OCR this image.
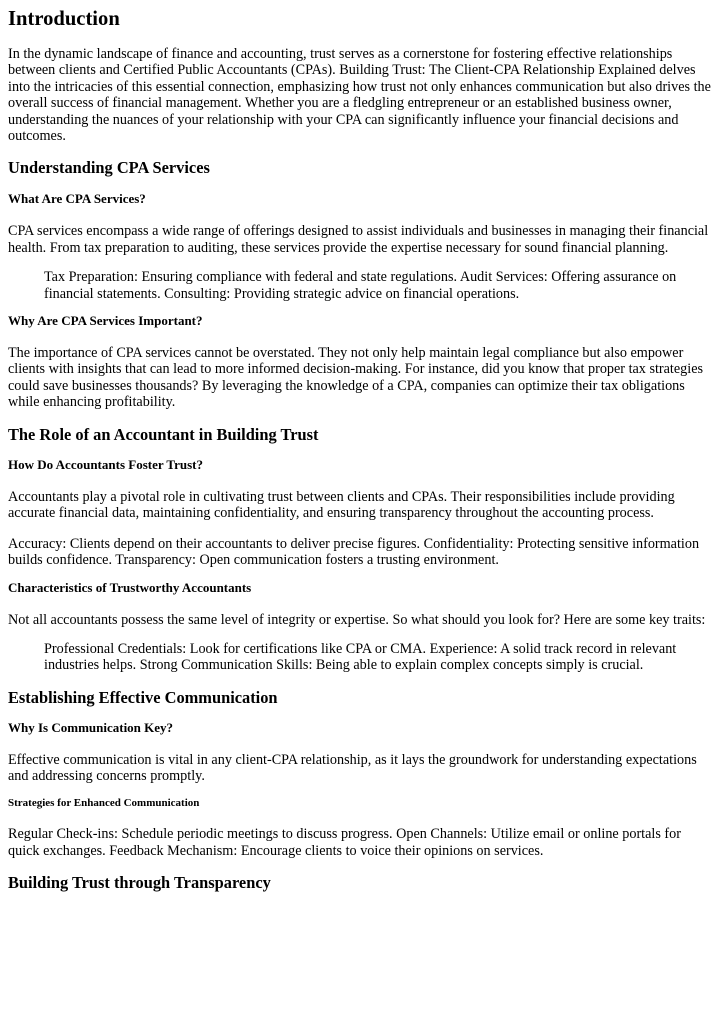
Introduction

In the dynamic landscape of finance and accounting, trust serves as a cornerstone for fostering effective relationships between clients and Certified Public Accountants (CPAs). Building Trust: The Client-CPA Relationship Explained delves into the intricacies of this essential connection, emphasizing how trust not only enhances communication but also drives the overall success of financial management. Whether you are a fledgling entrepreneur or an established business owner, understanding the nuances of your relationship with your CPA can significantly influence your financial decisions and outcomes.

Understanding CPA Services
What Are CPA Services?

CPA services encompass a wide range of offerings designed to assist individuals and businesses in managing their financial health. From tax preparation to auditing, these services provide the expertise necessary for sound financial planning.

Tax Preparation: Ensuring compliance with federal and state regulations. Audit Services: Offering assurance on financial statements. Consulting: Providing strategic advice on financial operations.
Why Are CPA Services Important?

The importance of CPA services cannot be overstated. They not only help maintain legal compliance but also empower clients with insights that can lead to more informed decision-making. For instance, did you know that proper tax strategies could save businesses thousands? By leveraging the knowledge of a CPA, companies can optimize their tax obligations while enhancing profitability.

The Role of an Accountant in Building Trust
How Do Accountants Foster Trust?

Accountants play a pivotal role in cultivating trust between clients and CPAs. Their responsibilities include providing accurate financial data, maintaining confidentiality, and ensuring transparency throughout the accounting process.

Accuracy: Clients depend on their accountants to deliver precise figures. Confidentiality: Protecting sensitive information builds confidence. Transparency: Open communication fosters a trusting environment.

Characteristics of Trustworthy Accountants

Not all accountants possess the same level of integrity or expertise. So what should you look for? Here are some key traits:

Professional Credentials: Look for certifications like CPA or CMA. Experience: A solid track record in relevant industries helps. Strong Communication Skills: Being able to explain complex concepts simply is crucial.
Establishing Effective Communication
Why Is Communication Key?

Effective communication is vital in any client-CPA relationship, as it lays the groundwork for understanding expectations and addressing concerns promptly.

Strategies for Enhanced Communication

Regular Check-ins: Schedule periodic meetings to discuss progress. Open Channels: Utilize email or online portals for quick exchanges. Feedback Mechanism: Encourage clients to voice their opinions on services.

Building Trust through Transparency
